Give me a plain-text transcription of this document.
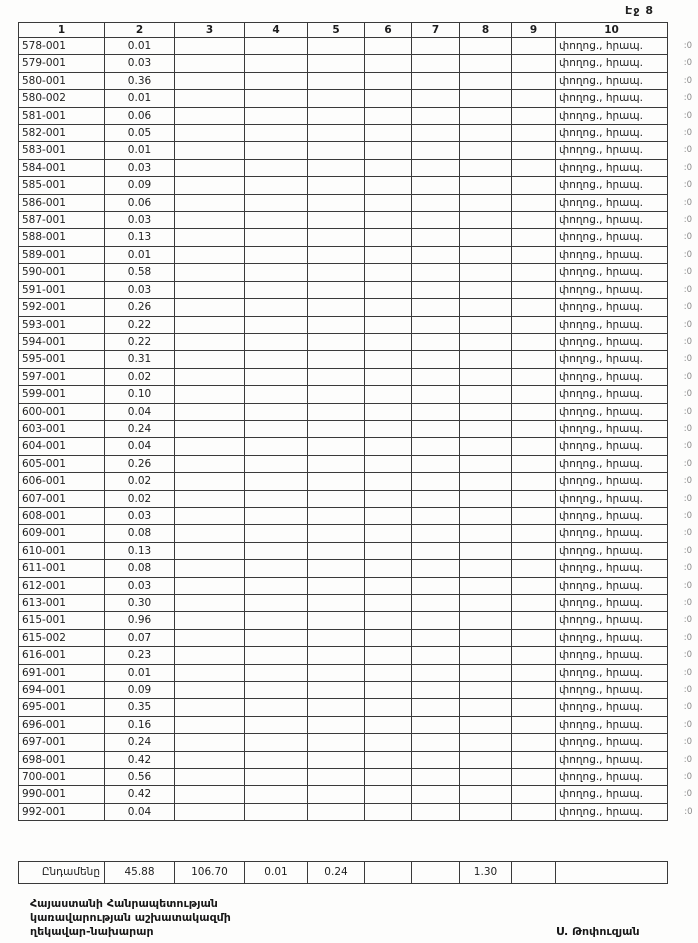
Էջ 8
1	2	3	4	5	6	7	8	9	10	
578-001	0.01								փողոց., հրապ.	:0
579-001	0.03								փողոց., հրապ.	:0
580-001	0.36								փողոց., հրապ.	:0
580-002	0.01								փողոց., հրապ.	:0
581-001	0.06								փողոց., հրապ.	:0
582-001	0.05								փողոց., հրապ.	:0
583-001	0.01								փողոց., հրապ.	:0
584-001	0.03								փողոց., հրապ.	:0
585-001	0.09								փողոց., հրապ.	:0
586-001	0.06								փողոց., հրապ.	:0
587-001	0.03								փողոց., հրապ.	:0
588-001	0.13								փողոց., հրապ.	:0
589-001	0.01								փողոց., հրապ.	:0
590-001	0.58								փողոց., հրապ.	:0
591-001	0.03								փողոց., հրապ.	:0
592-001	0.26								փողոց., հրապ.	:0
593-001	0.22								փողոց., հրապ.	:0
594-001	0.22								փողոց., հրապ.	:0
595-001	0.31								փողոց., հրապ.	:0
597-001	0.02								փողոց., հրապ.	:0
599-001	0.10								փողոց., հրապ.	:0
600-001	0.04								փողոց., հրապ.	:0
603-001	0.24								փողոց., հրապ.	:0
604-001	0.04								փողոց., հրապ.	:0
605-001	0.26								փողոց., հրապ.	:0
606-001	0.02								փողոց., հրապ.	:0
607-001	0.02								փողոց., հրապ.	:0
608-001	0.03								փողոց., հրապ.	:0
609-001	0.08								փողոց., հրապ.	:0
610-001	0.13								փողոց., հրապ.	:0
611-001	0.08								փողոց., հրապ.	:0
612-001	0.03								փողոց., հրապ.	:0
613-001	0.30								փողոց., հրապ.	:0
615-001	0.96								փողոց., հրապ.	:0
615-002	0.07								փողոց., հրապ.	:0
616-001	0.23								փողոց., հրապ.	:0
691-001	0.01								փողոց., հրապ.	:0
694-001	0.09								փողոց., հրապ.	:0
695-001	0.35								փողոց., հրապ.	:0
696-001	0.16								փողոց., հրապ.	:0
697-001	0.24								փողոց., հրապ.	:0
698-001	0.42								փողոց., հրապ.	:0
700-001	0.56								փողոց., հրապ.	:0
990-001	0.42								փողոց., հրապ.	:0
992-001	0.04								փողոց., հրապ.	:0
Ընդամենը	45.88	106.70	0.01	0.24			1.30			
Հայաստանի Հանրապետության
կառավարության աշխատակազմի
ղեկավար-նախարար	Ս. Թոփուզյան
